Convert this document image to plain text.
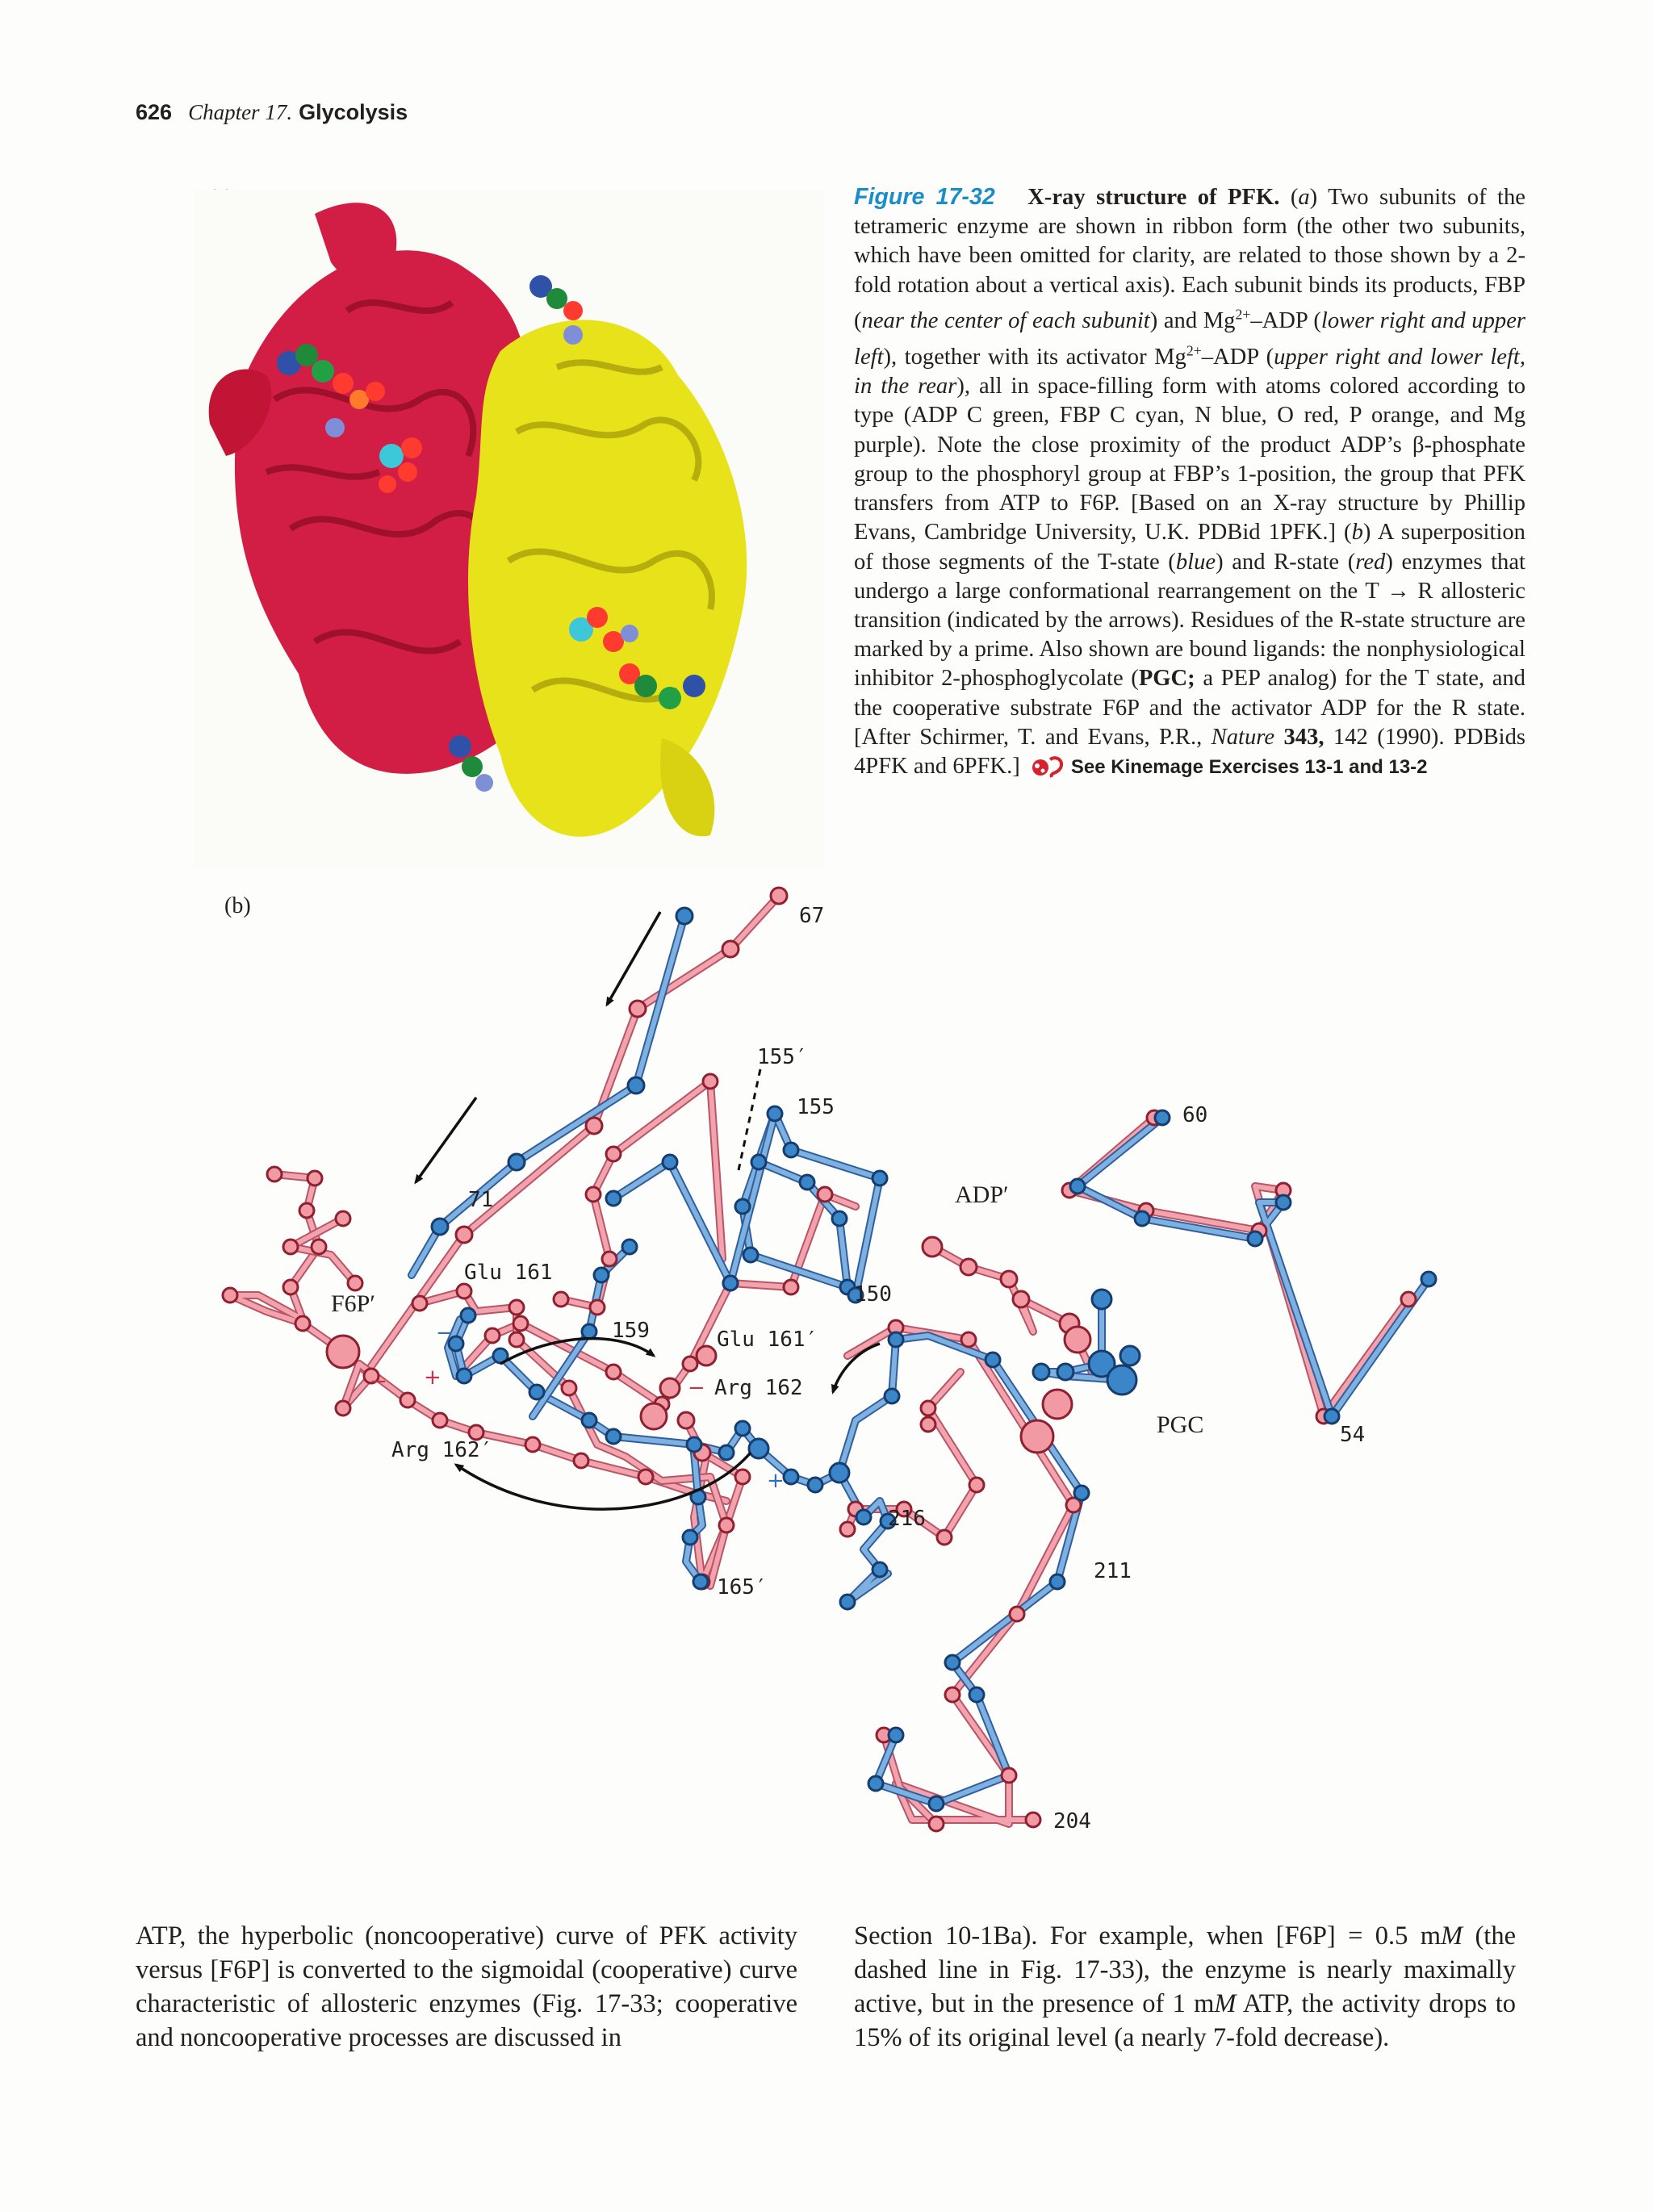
626 Chapter 17. Glycolysis
Figure 17-32 X-ray structure of PFK. (a) Two subunits of the tetrameric enzyme are shown in ribbon form (the other two subunits, which have been omitted for clarity, are related to those shown by a 2-fold rotation about a vertical axis). Each subunit binds its products, FBP (near the center of each subunit) and $Mg^{2+}$–ADP (lower right and upper left), together with its activator $Mg^{2+}$–ADP (upper right and lower left, in the rear), all in space-filling form with atoms colored according to type (ADP C green, FBP C cyan, N blue, O red, P orange, and Mg purple). Note the close proximity of the product ADP’s β-phosphate group to the phosphoryl group at FBP’s 1-position, the group that PFK transfers from ATP to F6P. [Based on an X-ray structure by Phillip Evans, Cambridge University, U.K. PDBid 1PFK.] (b) A superposition of those segments of the T-state (blue) and R-state (red) enzymes that undergo a large conformational rearrangement on the T → R allosteric transition (indicated by the arrows). Residues of the R-state structure are marked by a prime. Also shown are bound ligands: the nonphysiological inhibitor 2-phosphoglycolate (PGC; a PEP analog) for the T state, and the cooperative substrate F6P and the activator ADP for the R state. [After Schirmer, T. and Evans, P.R., Nature 343, 142 (1990). PDBids 4PFK and 6PFK.]	See Kinemage Exercises 13-1 and 13-2
(b)	67
155′
155	60
71
Glu 161
150
159	Glu 161′
Arg 162
Arg 162′
54
216
211
165′
204
ADP′
F6P′
PGC
−
− +	−
+
ATP, the hyperbolic (noncooperative) curve of PFK activity versus [F6P] is converted to the sigmoidal (cooperative) curve characteristic of allosteric enzymes (Fig. 17-33; cooperative and noncooperative processes are discussed in
Section 10-1Ba). For example, when [F6P] = 0.5 mM (the dashed line in Fig. 17-33), the enzyme is nearly maximally active, but in the presence of 1 mM ATP, the activity drops to 15% of its original level (a nearly 7-fold decrease).
